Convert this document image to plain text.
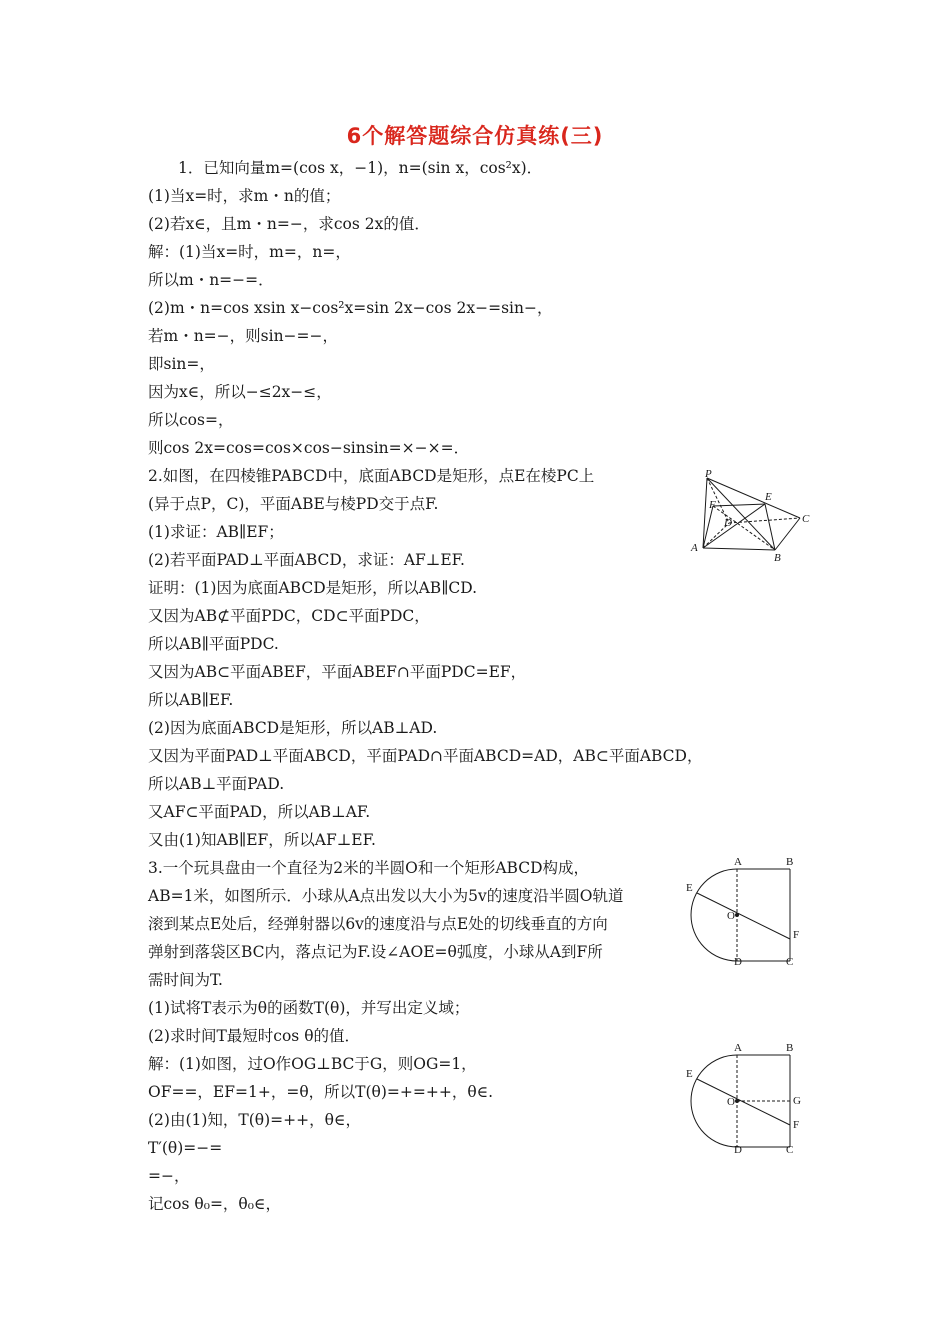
6个解答题综合仿真练(三)
1．已知向量m=(cos x，−1)，n=(sin x，cos²x)．
(1)当x=时，求m・n的值；
(2)若x∈，且m・n=−，求cos 2x的值．
解：(1)当x=时，m=，n=，
所以m・n=−=．
(2)m・n=cos xsin x−cos²x=sin 2x−cos 2x−=sin−，
若m・n=−，则sin−=−，
即sin=，
因为x∈，所以−≤2x−≤，
所以cos=，
则cos 2x=cos=cos×cos−sinsin=×−×=．
2.如图，在四棱锥PABCD中，底面ABCD是矩形，点E在棱PC上
(异于点P，C)，平面ABE与棱PD交于点F.
(1)求证：AB∥EF；
(2)若平面PAD⊥平面ABCD，求证：AF⊥EF.
证明：(1)因为底面ABCD是矩形，所以AB∥CD.
又因为AB⊄平面PDC，CD⊂平面PDC，
所以AB∥平面PDC.
又因为AB⊂平面ABEF，平面ABEF∩平面PDC=EF，
所以AB∥EF.
(2)因为底面ABCD是矩形，所以AB⊥AD.
又因为平面PAD⊥平面ABCD，平面PAD∩平面ABCD=AD，AB⊂平面ABCD，
所以AB⊥平面PAD.
又AF⊂平面PAD，所以AB⊥AF.
又由(1)知AB∥EF，所以AF⊥EF.
3.一个玩具盘由一个直径为2米的半圆O和一个矩形ABCD构成，
AB=1米，如图所示．小球从A点出发以大小为5v的速度沿半圆O轨道
滚到某点E处后，经弹射器以6v的速度沿与点E处的切线垂直的方向
弹射到落袋区BC内，落点记为F.设∠AOE=θ弧度，小球从A到F所
需时间为T.
(1)试将T表示为θ的函数T(θ)，并写出定义域；
(2)求时间T最短时cos θ的值．
解：(1)如图，过O作OG⊥BC于G，则OG=1，
OF==，EF=1+，=θ，所以T(θ)=+=++，θ∈.
(2)由(1)知，T(θ)=++，θ∈，
T′(θ)=−=
=−，
记cos θ₀=，θ₀∈，
P
E
F
D	C
A
B
A	B
E
O
F
D	C
A	B
E
O	G
F
D	C
